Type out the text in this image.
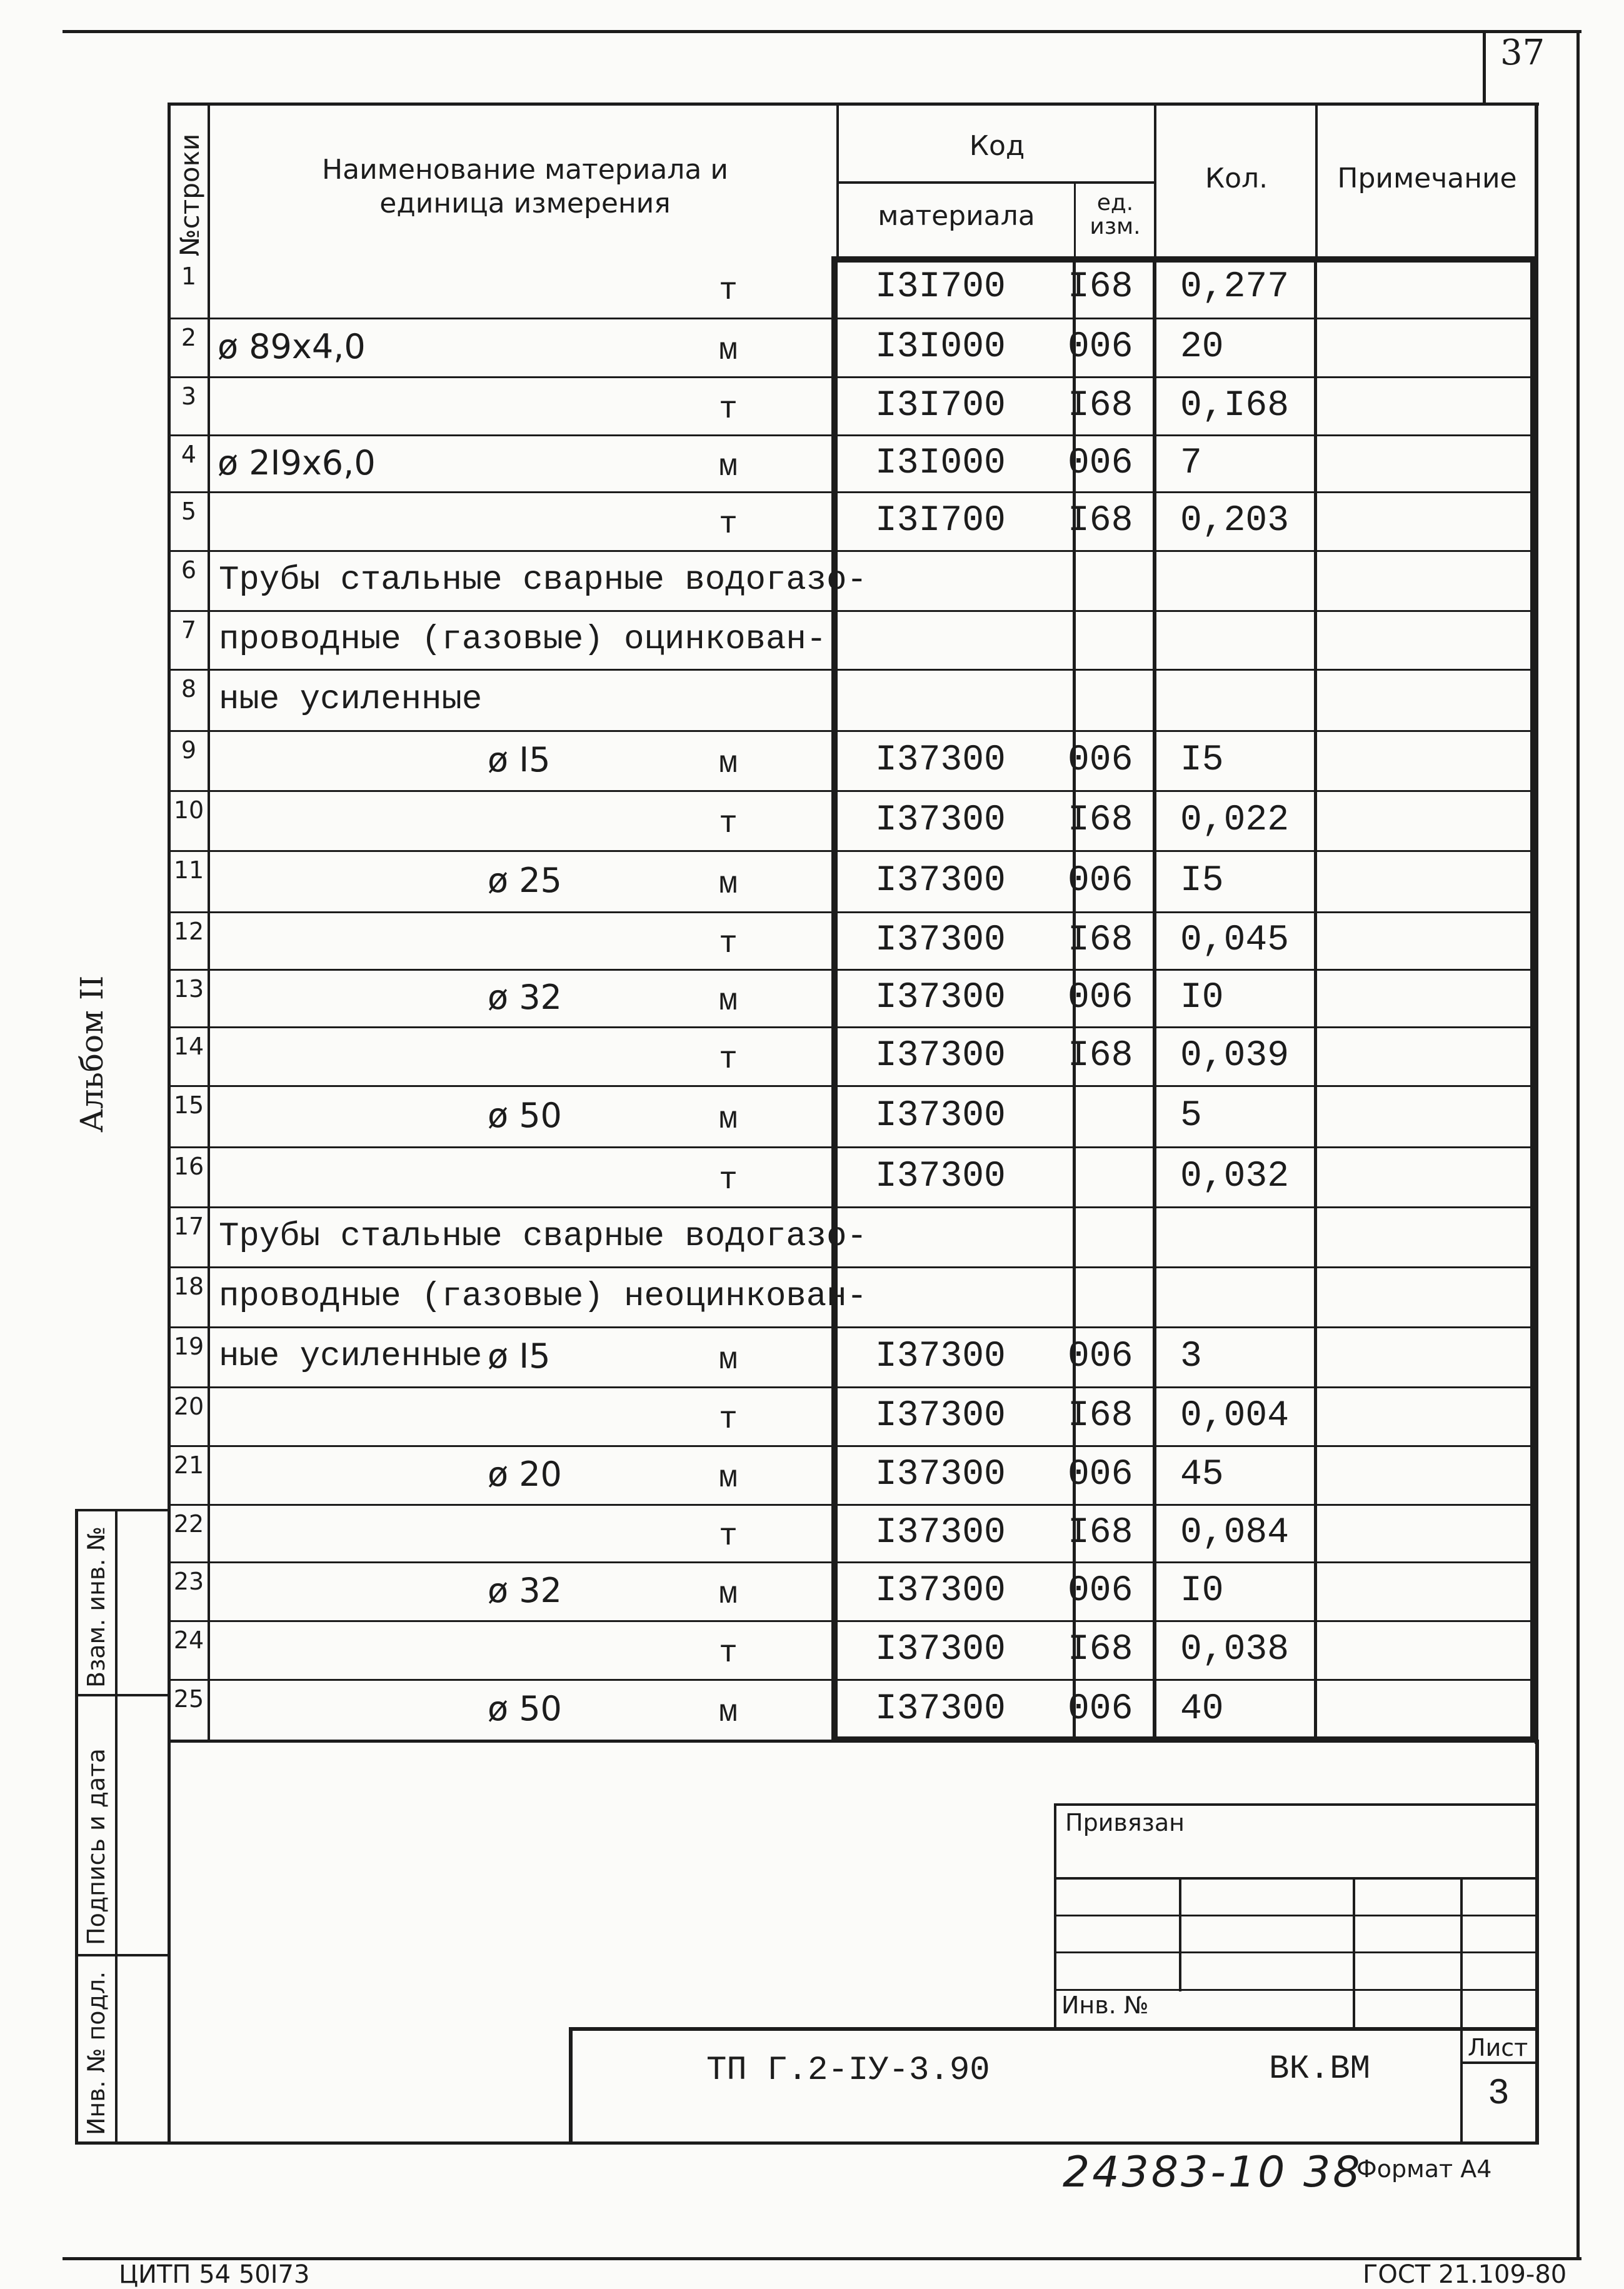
37
№строки	Наименование материала и
единица измерения
Код
материала	ед. изм.
Кол.	Примечание
1	т	I3I700 I68 0,277
2 ø 89x4,0	м	I3I000 006 20
3	т	I3I700 I68 0,I68
4 ø 2I9x6,0	м	I3I000 006 7
5	т	I3I700 I68 0,203
6 Трубы стальные сварные водогазо-
7 проводные (газовые) оцинкован-
8 ные усиленные
9	ø I5	м	I37300 006 I5
10	т	I37300 I68 0,022
11	ø 25	м	I37300 006 I5
12	т	I37300 I68 0,045
13	ø 32	м	I37300 006 I0
14	т	I37300 I68 0,039
15	ø 50	м	I37300	5
16	т	I37300	0,032
17 Трубы стальные сварные водогазо-
18 проводные (газовые) неоцинкован-
19 ные усиленные ø I5	м	I37300 006 3
20	т	I37300 I68 0,004
21	ø 20	м	I37300 006 45
22	т	I37300 I68 0,084
23	ø 32	м	I37300 006 I0
24	т	I37300 I68 0,038
25	ø 50	м	I37300 006 40
Альбом II
Взам. инв. №
Подпись и дата
Инв. № подл.
Привязан
Инв. №
ТП Г.2-IУ-3.90	ВК.ВМ
Лист
3
24383-10 38
Формат А4
ЦИТП 54 50I73	ГОСТ 21.109-80
